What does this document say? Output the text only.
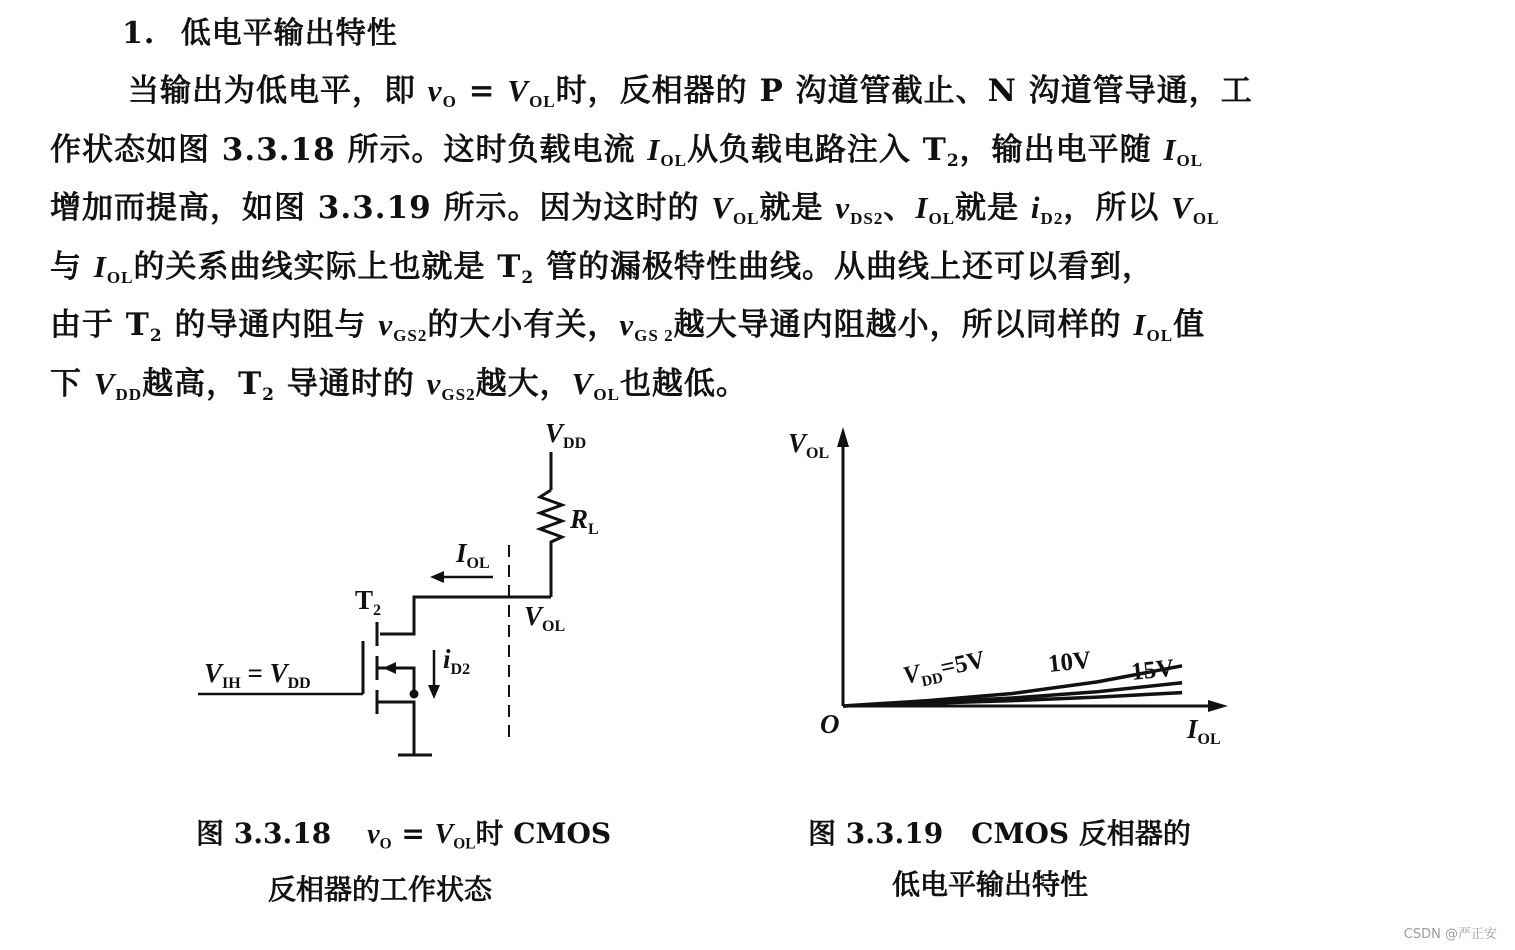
1. 低电平输出特性
当输出为低电平，即 $v_O = V_{OL}$时，反相器的 P 沟道管截止、N 沟道管导通，工
作状态如图 3.3.18 所示。这时负载电流 $I_{OL}$从负载电路注入 $T_2$，输出电平随 $I_{OL}$
增加而提高，如图 3.3.19 所示。因为这时的 $V_{OL}$就是 $v_{DS2}$、$I_{OL}$就是 $i_{D2}$，所以 $V_{OL}$
与 $I_{OL}$的关系曲线实际上也就是 $T_2$ 管的漏极特性曲线。从曲线上还可以看到，
由于 $T_2$ 的导通内阻与 $v_{GS2}$的大小有关，$v_{GS 2}$越大导通内阻越小，所以同样的 $I_{OL}$值
下 $V_{DD}$越高，$T_2$ 导通时的 $v_{GS2}$越大，$V_{OL}$也越低。
$V_{DD}$
$R_L$
$I_{OL}$
$T_2$	$V_{OL}$
$i_{D2}$
$V_{IH} = V_{DD}$
$V_{OL}$
$I_{OL}$
O
$V_{DD}=5V$ 10V 15V
图 3.3.18 $v_O = V_{OL}$时 CMOS
反相器的工作状态
图 3.3.19　CMOS 反相器的
低电平输出特性
CSDN @严正安
